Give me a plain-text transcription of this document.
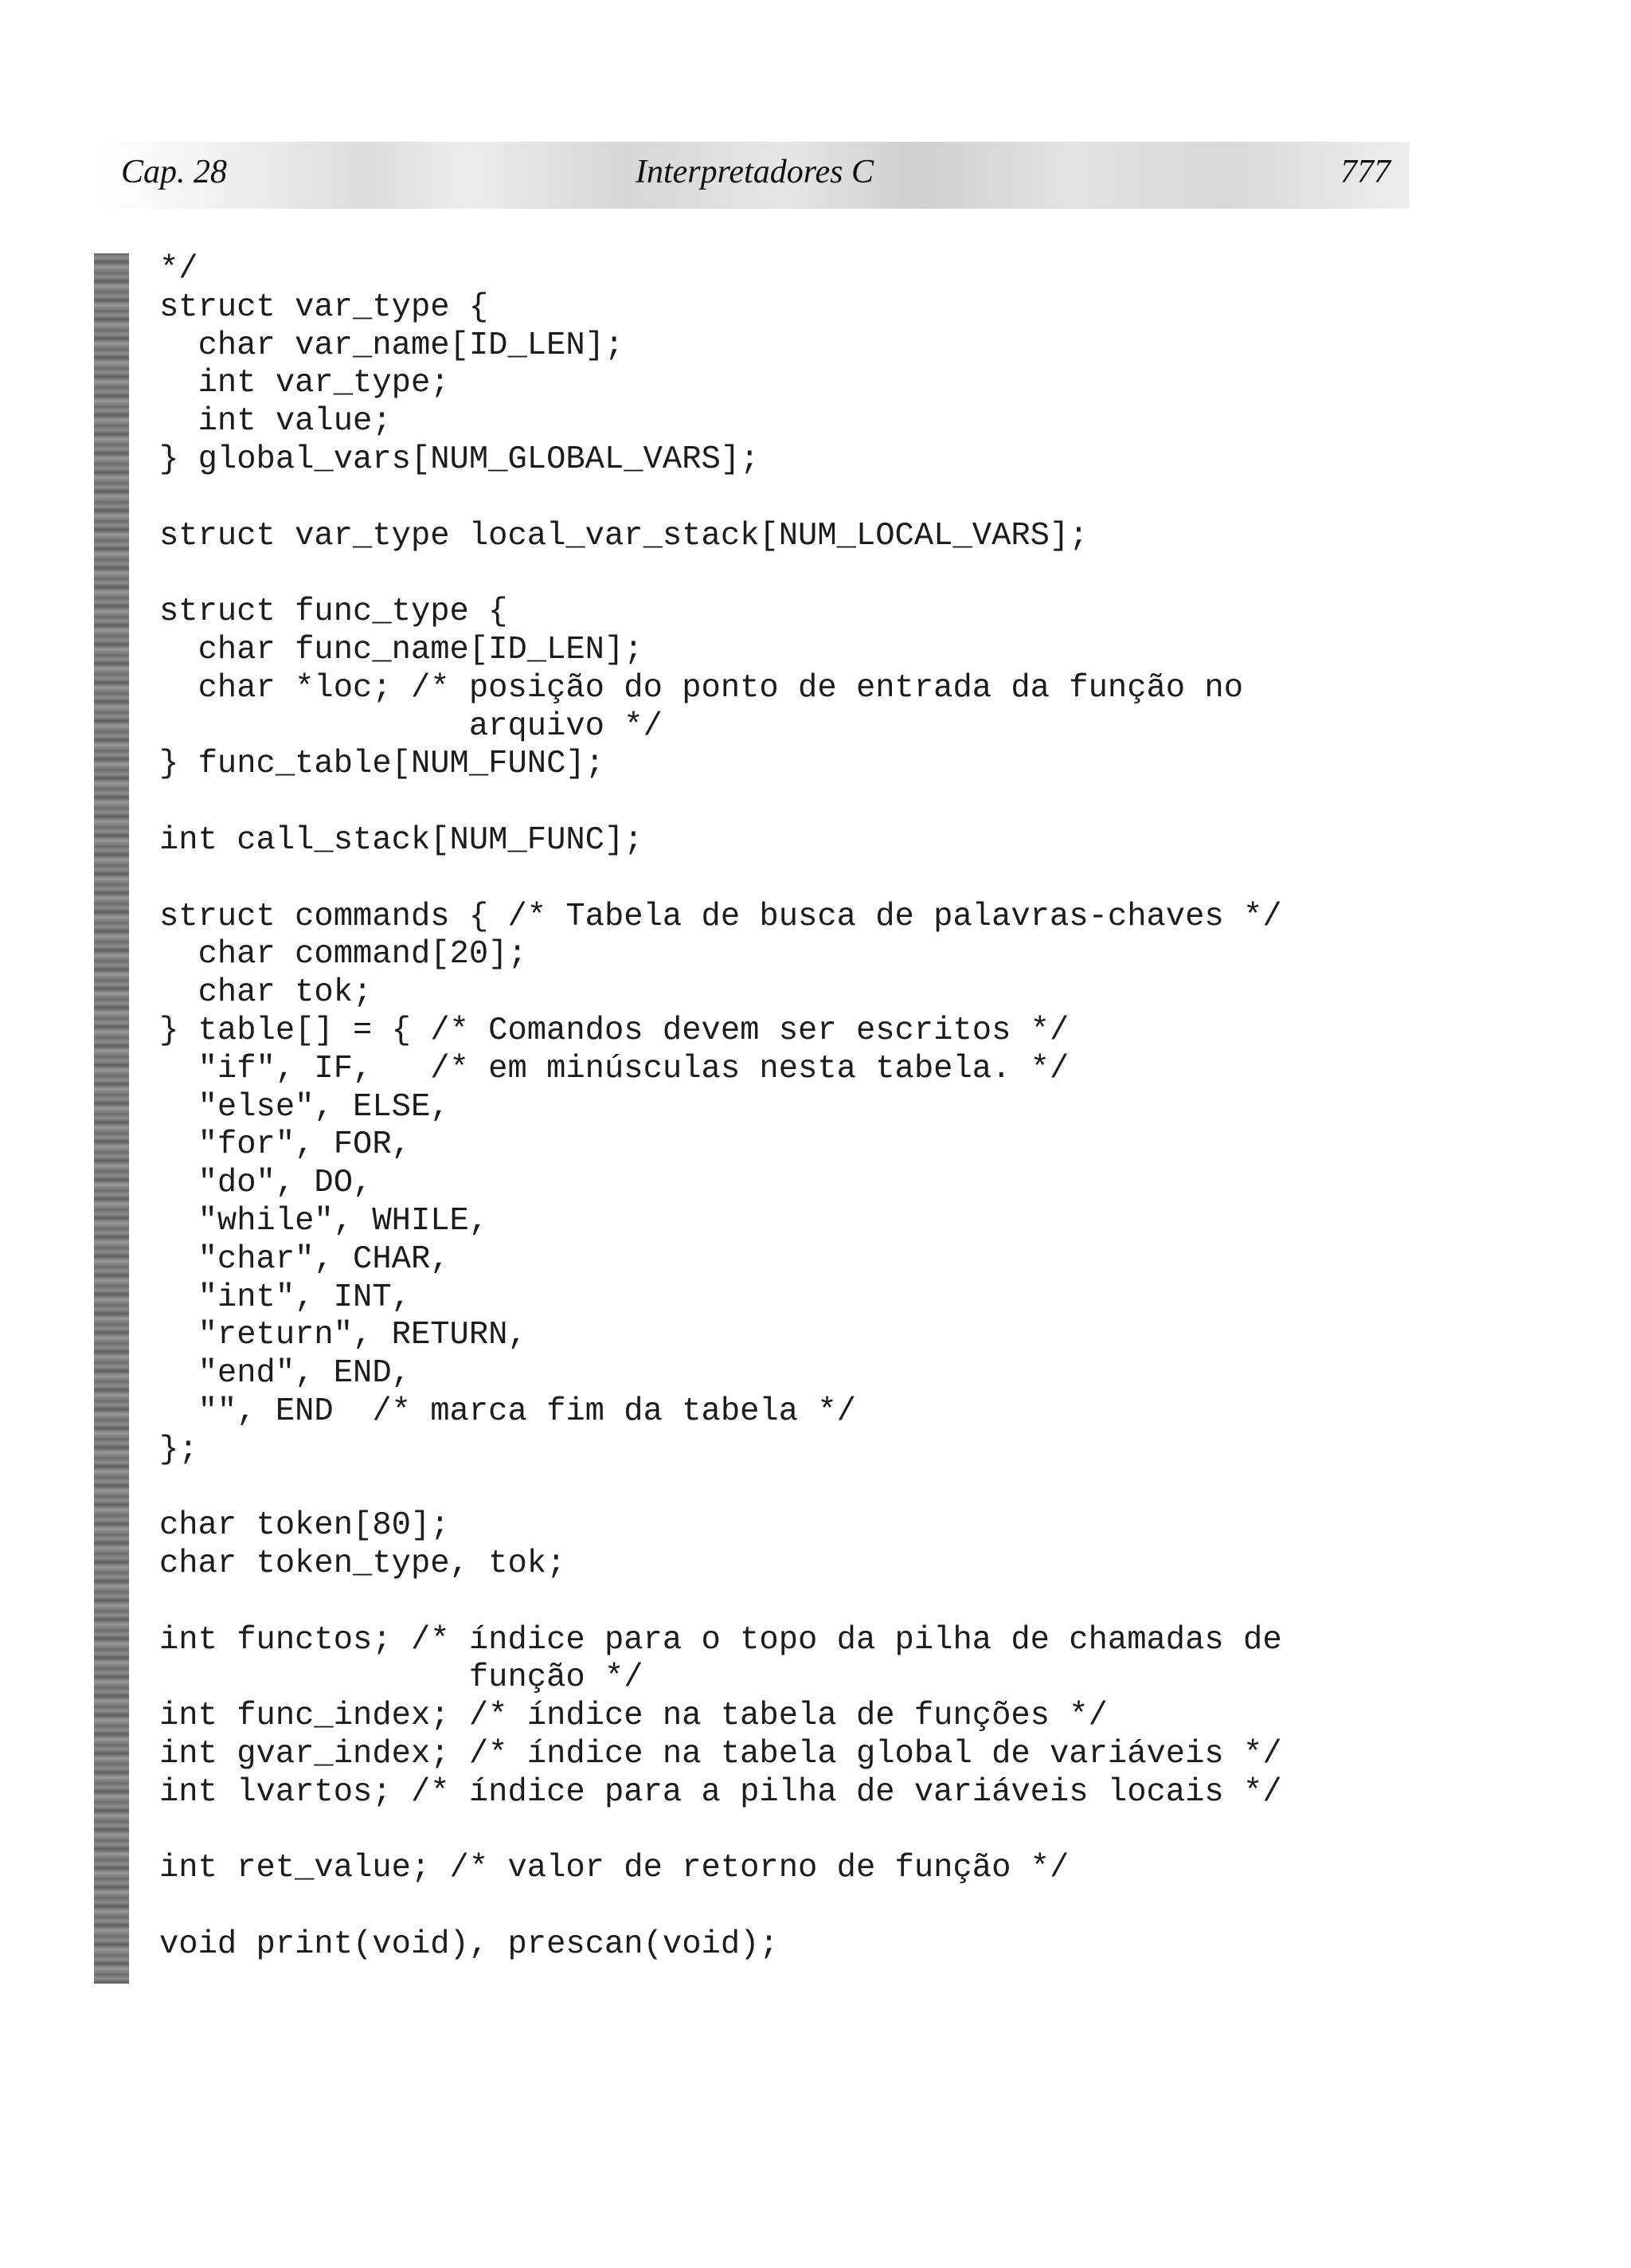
Cap. 28	Interpretadores C	777
*/
struct var_type {
char var_name[ID_LEN];
int var_type;
int value;
} global_vars[NUM_GLOBAL_VARS];
struct var_type local_var_stack[NUM_LOCAL_VARS];
struct func_type {
char func_name[ID_LEN];
char *loc; /* posição do ponto de entrada da função no
arquivo */
} func_table[NUM_FUNC];
int call_stack[NUM_FUNC];
struct commands { /* Tabela de busca de palavras-chaves */
char command[20];
char tok;
} table[] = { /* Comandos devem ser escritos */
"if", IF,   /* em minúsculas nesta tabela. */
"else", ELSE,
"for", FOR,
"do", DO,
"while", WHILE,
"char", CHAR,
"int", INT,
"return", RETURN,
"end", END,
"", END  /* marca fim da tabela */
};
char token[80];
char token_type, tok;
int functos; /* índice para o topo da pilha de chamadas de
função */
int func_index; /* índice na tabela de funções */
int gvar_index; /* índice na tabela global de variáveis */
int lvartos; /* índice para a pilha de variáveis locais */
int ret_value; /* valor de retorno de função */
void print(void), prescan(void);
